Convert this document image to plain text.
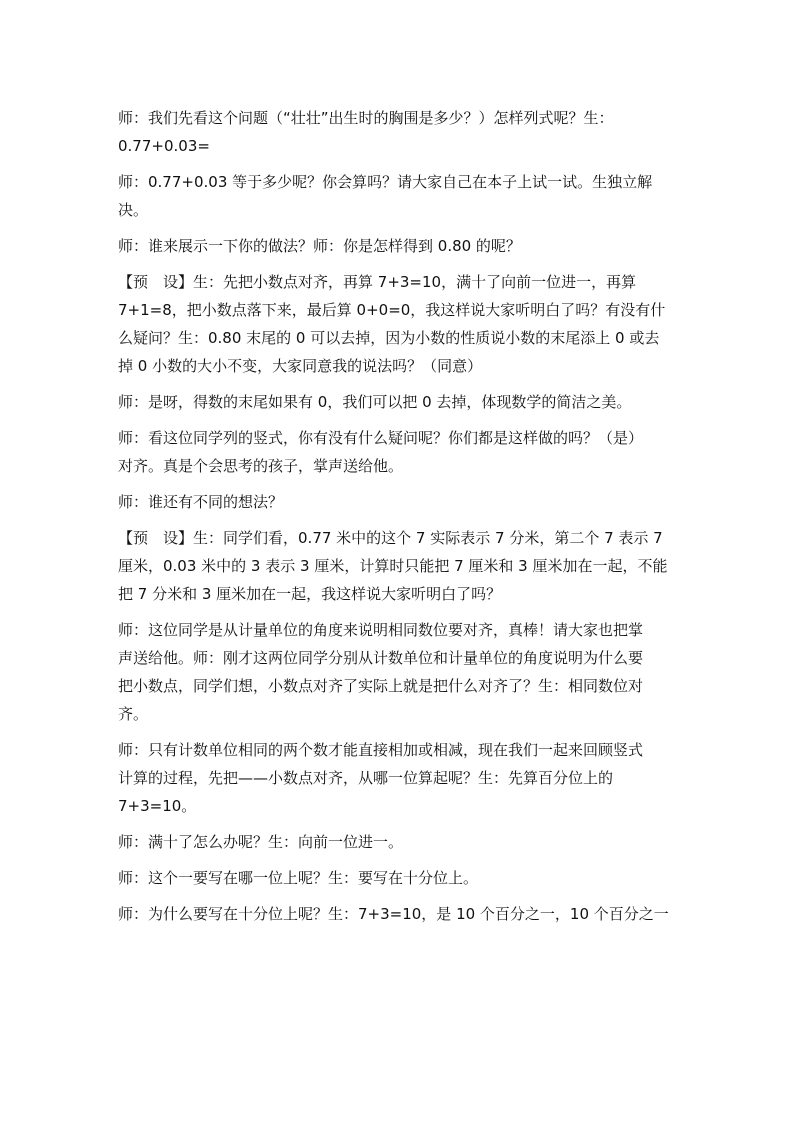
师：我们先看这个问题（“壮壮”出生时的胸围是多少？）怎样列式呢？生：
0.77+0.03=

师：0.77+0.03 等于多少呢？你会算吗？请大家自己在本子上试一试。生独立解
决。

师：谁来展示一下你的做法？师：你是怎样得到 0.80 的呢？

【预　设】生：先把小数点对齐，再算 7+3=10，满十了向前一位进一，再算
7+1=8，把小数点落下来，最后算 0+0=0，我这样说大家听明白了吗？有没有什
么疑问？生：0.80 末尾的 0 可以去掉，因为小数的性质说小数的末尾添上 0 或去
掉 0 小数的大小不变，大家同意我的说法吗？（同意）

师：是呀，得数的末尾如果有 0，我们可以把 0 去掉，体现数学的简洁之美。

师：看这位同学列的竖式，你有没有什么疑问呢？你们都是这样做的吗？（是）
对齐。真是个会思考的孩子，掌声送给他。

师：谁还有不同的想法？

【预　设】生：同学们看，0.77 米中的这个 7 实际表示 7 分米，第二个 7 表示 7
厘米，0.03 米中的 3 表示 3 厘米，计算时只能把 7 厘米和 3 厘米加在一起，不能
把 7 分米和 3 厘米加在一起，我这样说大家听明白了吗？

师：这位同学是从计量单位的角度来说明相同数位要对齐，真棒！请大家也把掌
声送给他。师：刚才这两位同学分别从计数单位和计量单位的角度说明为什么要
把小数点，同学们想，小数点对齐了实际上就是把什么对齐了？生：相同数位对
齐。

师：只有计数单位相同的两个数才能直接相加或相减，现在我们一起来回顾竖式
计算的过程，先把——小数点对齐，从哪一位算起呢？生：先算百分位上的
7+3=10。

师：满十了怎么办呢？生：向前一位进一。

师：这个一要写在哪一位上呢？生：要写在十分位上。

师：为什么要写在十分位上呢？生：7+3=10，是 10 个百分之一，10 个百分之一
